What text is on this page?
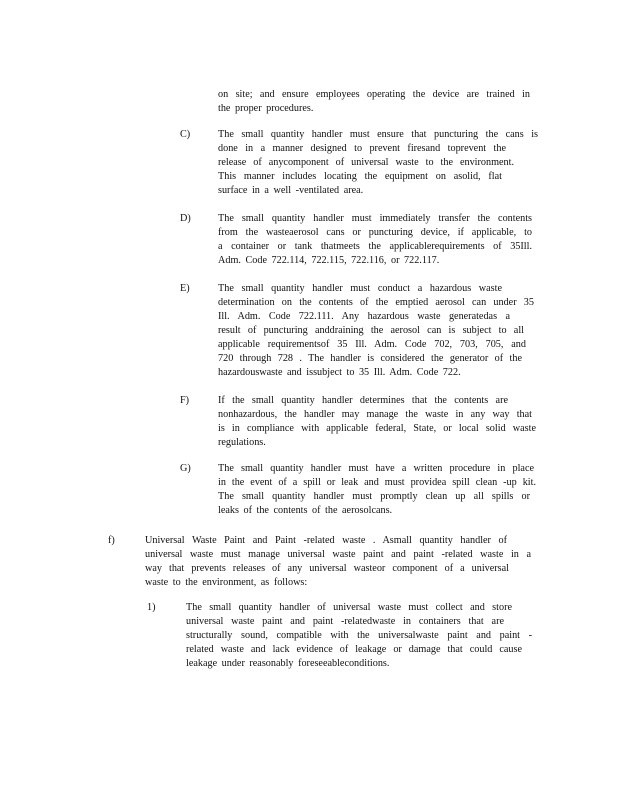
on site; and ensure employees operating the device are trained in
the proper procedures.
C)	The small quantity handler must ensure that puncturing the cans is
done in a manner designed to prevent firesand toprevent the
release of anycomponent of universal waste to the environment.
This manner includes locating the equipment on asolid, flat
surface in a well -ventilated area.
D)	The small quantity handler must immediately transfer the contents
from the wasteaerosol cans or puncturing device, if applicable, to
a container or tank thatmeets the applicablerequirements of 35Ill.
Adm. Code 722.114, 722.115, 722.116, or 722.117.
E)	The small quantity handler must conduct a hazardous waste
determination on the contents of the emptied aerosol can under 35
Ill. Adm. Code 722.111. Any hazardous waste generatedas a
result of puncturing anddraining the aerosol can is subject to all
applicable requirementsof 35 Ill. Adm. Code 702, 703, 705, and
720 through 728 . The handler is considered the generator of the
hazardouswaste and issubject to 35 Ill. Adm. Code 722.
F)	If the small quantity handler determines that the contents are
nonhazardous, the handler may manage the waste in any way that
is in compliance with applicable federal, State, or local solid waste
regulations.
G)	The small quantity handler must have a written procedure in place
in the event of a spill or leak and must providea spill clean -up kit.
The small quantity handler must promptly clean up all spills or
leaks of the contents of the aerosolcans.
f)	Universal Waste Paint and Paint -related waste . Asmall quantity handler of
universal waste must manage universal waste paint and paint -related waste in a
way that prevents releases of any universal wasteor component of a universal
waste to the environment, as follows:
1)	The small quantity handler of universal waste must collect and store
universal waste paint and paint -relatedwaste in containers that are
structurally sound, compatible with the universalwaste paint and paint -
related waste and lack evidence of leakage or damage that could cause
leakage under reasonably foreseeableconditions.
